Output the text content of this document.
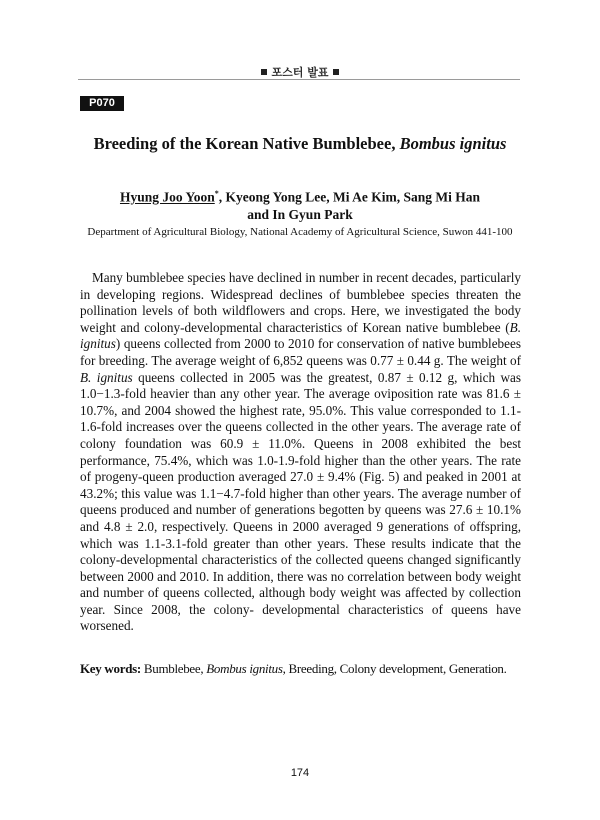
포스터 발표
P070
Breeding of the Korean Native Bumblebee, Bombus ignitus
Hyung Joo Yoon*, Kyeong Yong Lee, Mi Ae Kim, Sang Mi Han
and In Gyun Park
Department of Agricultural Biology, National Academy of Agricultural Science, Suwon 441-100

Many bumblebee species have declined in number in recent decades, particularly in developing regions. Widespread declines of bumblebee species threaten the pollination levels of both wildflowers and crops. Here, we investigated the body weight and colony-developmental characteristics of Korean native bumblebee (B. ignitus) queens collected from 2000 to 2010 for conservation of native bumblebees for breeding. The average weight of 6,852 queens was 0.77 ± 0.44 g. The weight of B. ignitus queens collected in 2005 was the greatest, 0.87 ± 0.12 g, which was 1.0−1.3-fold heavier than any other year. The average oviposition rate was 81.6 ± 10.7%, and 2004 showed the highest rate, 95.0%. This value corresponded to 1.1-1.6-fold increases over the queens collected in the other years. The average rate of colony foundation was 60.9 ± 11.0%. Queens in 2008 exhibited the best performance, 75.4%, which was 1.0-1.9-fold higher than the other years. The rate of progeny-queen production averaged 27.0 ± 9.4% (Fig. 5) and peaked in 2001 at 43.2%; this value was 1.1−4.7-fold higher than other years. The average number of queens produced and number of generations begotten by queens was 27.6 ± 10.1% and 4.8 ± 2.0, respectively. Queens in 2000 averaged 9 generations of offspring, which was 1.1-3.1-fold greater than other years. These results indicate that the colony-developmental characteristics of the collected queens changed significantly between 2000 and 2010. In addition, there was no correlation between body weight and number of queens collected, although body weight was affected by collection year. Since 2008, the colony- developmental characteristics of queens have worsened.

Key words: Bumblebee, Bombus ignitus, Breeding, Colony development, Generation.
174
